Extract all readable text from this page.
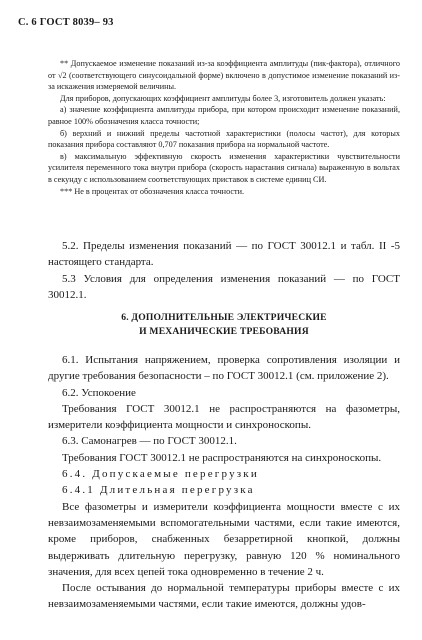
С. 6 ГОСТ 8039– 93

** Допускаемое изменение показаний из-за коэффициента амплитуды (пик-фактора), отличного от √2 (соответствующего синусоидальной форме) включено в допустимое изменение показаний из-за искажения измеряемой величины.

Для приборов, допускающих коэффициент амплитуды более 3, изготовитель должен указать:

а) значение коэффициента амплитуды прибора, при котором происходит изменение показаний, равное 100% обозначения класса точности;

б) верхний и нижний пределы частотной характеристики (полосы частот), для которых показания прибора составляют 0,707 показания прибора на нормальной частоте.

в) максимальную эффективную скорость изменения характеристики чувствительности усилителя переменного тока внутри прибора (скорость нарастания сигнала) выраженную в вольтах в секунду с использованием соответствующих приставок в системе единиц СИ.

*** Не в процентах от обозначения класса точности.

5.2. Пределы изменения показаний — по ГОСТ 30012.1 и табл. II -5 настоящего стандарта.

5.3 Условия для определения изменения показаний — по ГОСТ 30012.1.

6. ДОПОЛНИТЕЛЬНЫЕ ЭЛЕКТРИЧЕСКИЕ
И МЕХАНИЧЕСКИЕ ТРЕБОВАНИЯ

6.1. Испытания напряжением, проверка сопротивления изоляции и другие требования безопасности – по ГОСТ 30012.1 (см. приложение 2).

6.2. Успокоение

Требования ГОСТ 30012.1 не распространяются на фазометры, измерители коэффициента мощности и синхроноскопы.

6.3. Самонагрев — по ГОСТ 30012.1.

Требования ГОСТ 30012.1 не распространяются на синхроноскопы.

6.4. Допускаемые перегрузки

6.4.1 Длительная перегрузка

Все фазометры и измерители коэффициента мощности вместе с их невзаимозаменяемыми вспомогательными частями, если такие имеются, кроме приборов, снабженных безарретирной кнопкой, должны выдерживать длительную перегрузку, равную 120 % номинального значения, для всех цепей тока одновременно в течение 2 ч.

После остывания до нормальной температуры приборы вместе с их невзаимозаменяемыми частями, если такие имеются, должны удов-
